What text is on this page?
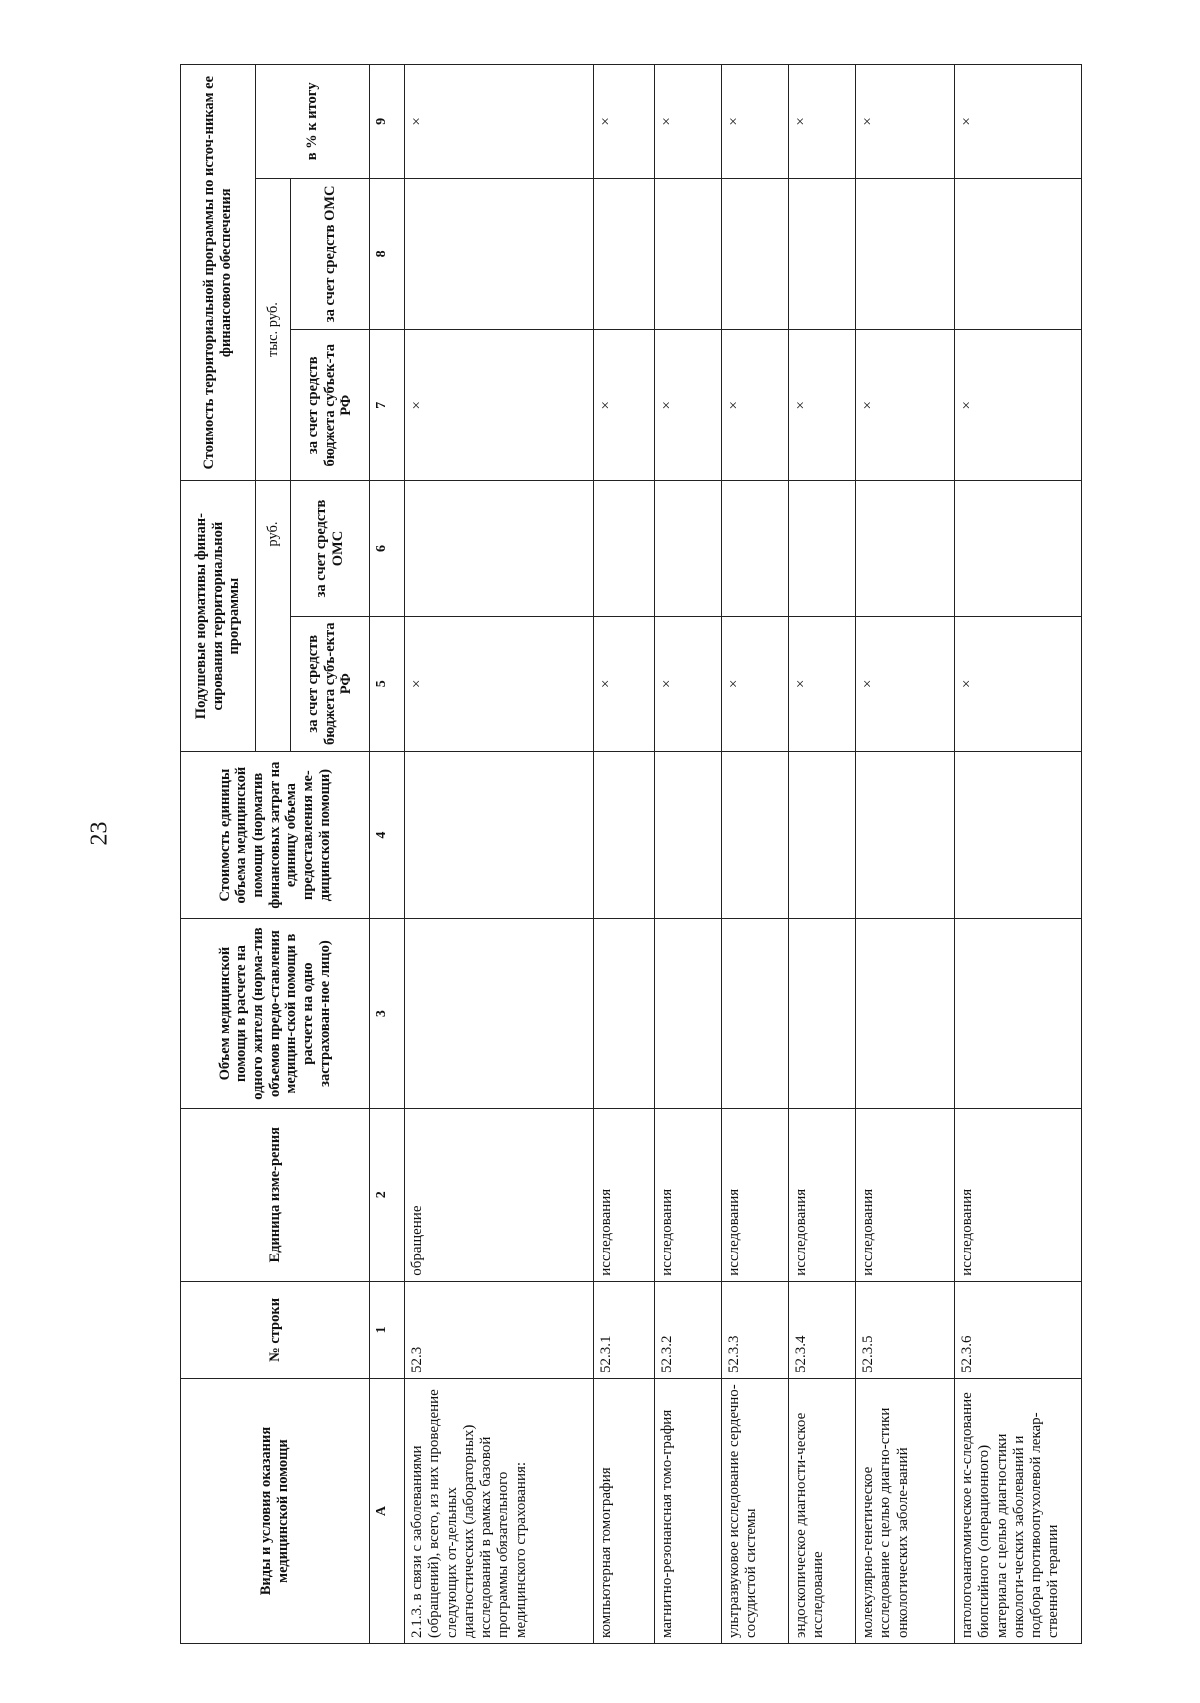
23
Виды и условия оказания медицинской помощи	№ строки	Единица изме-рения	Объем медицинской помощи в расчете на одного жителя (норма-тив объемов предо-ставления медицин-ской помощи в расчете на одно застрахован-ное лицо)	Стоимость единицы объема медицинской помощи (норматив финансовых затрат на единицу объема предоставления ме-дицинской помощи)	Подушевые нормативы финан-сирования территориальной программы		Стоимость территориальной программы по источ-никам ее финансового обеспечения		
					руб.		тыс. руб.		в % к итогу
					за счет средств бюджета субъ-екта РФ	за счет средств ОМС	за счет средств бюджета субъек-та РФ	за счет средств ОМС	
А	1	2	3	4	5	6	7	8	9
2.1.3. в связи с заболеваниями (обращений), всего, из них проведение следующих от-дельных диагностических (лабораторных) исследований в рамках базовой программы обязательного медицинского страхования:	52.3	обращение			×		×		×
компьютерная томография	52.3.1	исследования			×		×		×
магнитно-резонансная томо-графия	52.3.2	исследования			×		×		×
ультразвуковое исследование сердечно-сосудистой системы	52.3.3	исследования			×		×		×
эндоскопическое диагности-ческое исследование	52.3.4	исследования			×		×		×
молекулярно-генетическое исследование с целью диагно-стики онкологических заболе-ваний	52.3.5	исследования			×		×		×
патологоанатомическое ис-следование биопсийного (операционного) материала с целью диагностики онкологи-ческих заболеваний и подбора противоопухолевой лекар-ственной терапии	52.3.6	исследования			×		×		×
